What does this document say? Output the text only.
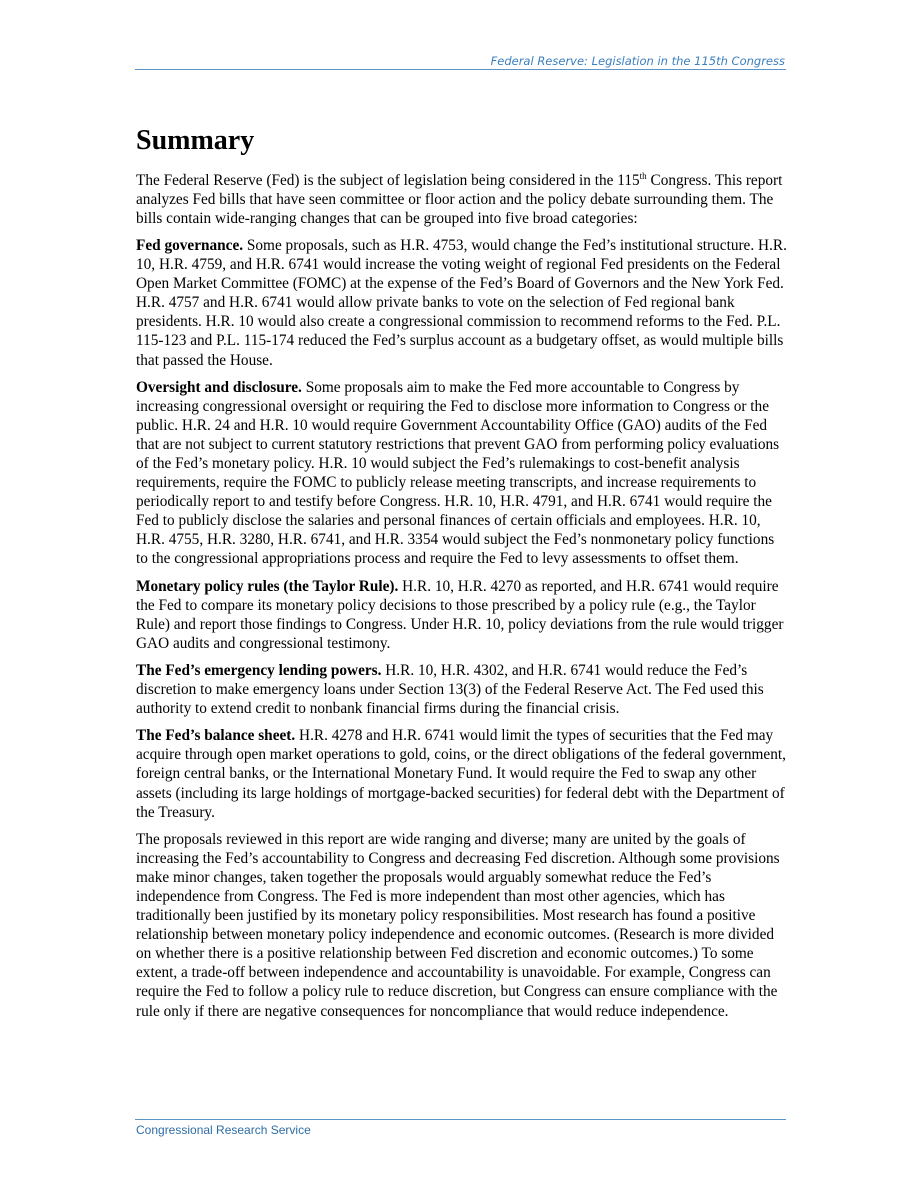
Federal Reserve: Legislation in the 115th Congress
Summary

The Federal Reserve (Fed) is the subject of legislation being considered in the 115th Congress. This report analyzes Fed bills that have seen committee or floor action and the policy debate surrounding them. The bills contain wide-ranging changes that can be grouped into five broad categories:

Fed governance. Some proposals, such as H.R. 4753, would change the Fed’s institutional structure. H.R. 10, H.R. 4759, and H.R. 6741 would increase the voting weight of regional Fed presidents on the Federal Open Market Committee (FOMC) at the expense of the Fed’s Board of Governors and the New York Fed. H.R. 4757 and H.R. 6741 would allow private banks to vote on the selection of Fed regional bank presidents. H.R. 10 would also create a congressional commission to recommend reforms to the Fed. P.L. 115-123 and P.L. 115-174 reduced the Fed’s surplus account as a budgetary offset, as would multiple bills that passed the House.

Oversight and disclosure. Some proposals aim to make the Fed more accountable to Congress by increasing congressional oversight or requiring the Fed to disclose more information to Congress or the public. H.R. 24 and H.R. 10 would require Government Accountability Office (GAO) audits of the Fed that are not subject to current statutory restrictions that prevent GAO from performing policy evaluations of the Fed’s monetary policy. H.R. 10 would subject the Fed’s rulemakings to cost-benefit analysis requirements, require the FOMC to publicly release meeting transcripts, and increase requirements to periodically report to and testify before Congress. H.R. 10, H.R. 4791, and H.R. 6741 would require the Fed to publicly disclose the salaries and personal finances of certain officials and employees. H.R. 10, H.R. 4755, H.R. 3280, H.R. 6741, and H.R. 3354 would subject the Fed’s nonmonetary policy functions to the congressional appropriations process and require the Fed to levy assessments to offset them.

Monetary policy rules (the Taylor Rule). H.R. 10, H.R. 4270 as reported, and H.R. 6741 would require the Fed to compare its monetary policy decisions to those prescribed by a policy rule (e.g., the Taylor Rule) and report those findings to Congress. Under H.R. 10, policy deviations from the rule would trigger GAO audits and congressional testimony.

The Fed’s emergency lending powers. H.R. 10, H.R. 4302, and H.R. 6741 would reduce the Fed’s discretion to make emergency loans under Section 13(3) of the Federal Reserve Act. The Fed used this authority to extend credit to nonbank financial firms during the financial crisis.

The Fed’s balance sheet. H.R. 4278 and H.R. 6741 would limit the types of securities that the Fed may acquire through open market operations to gold, coins, or the direct obligations of the federal government, foreign central banks, or the International Monetary Fund. It would require the Fed to swap any other assets (including its large holdings of mortgage-backed securities) for federal debt with the Department of the Treasury.

The proposals reviewed in this report are wide ranging and diverse; many are united by the goals of increasing the Fed’s accountability to Congress and decreasing Fed discretion. Although some provisions make minor changes, taken together the proposals would arguably somewhat reduce the Fed’s independence from Congress. The Fed is more independent than most other agencies, which has traditionally been justified by its monetary policy responsibilities. Most research has found a positive relationship between monetary policy independence and economic outcomes. (Research is more divided on whether there is a positive relationship between Fed discretion and economic outcomes.) To some extent, a trade-off between independence and accountability is unavoidable. For example, Congress can require the Fed to follow a policy rule to reduce discretion, but Congress can ensure compliance with the rule only if there are negative consequences for noncompliance that would reduce independence.

Congressional Research Service
